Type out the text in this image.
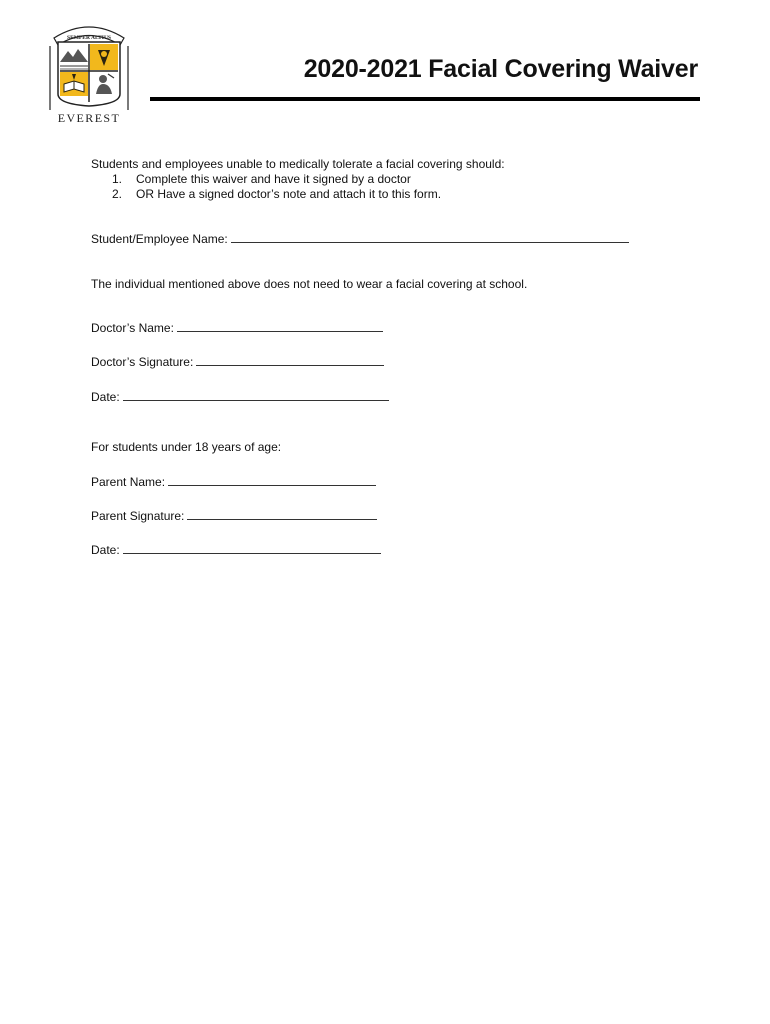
SEMPER ALTIUS
EVEREST
2020-2021 Facial Covering Waiver
Students and employees unable to medically tolerate a facial covering should:
1. Complete this waiver and have it signed by a doctor
2. OR Have a signed doctor’s note and attach it to this form.
Student/Employee Name:
The individual mentioned above does not need to wear a facial covering at school.
Doctor’s Name:
Doctor’s Signature:
Date:
For students under 18 years of age:
Parent Name:
Parent Signature:
Date:
